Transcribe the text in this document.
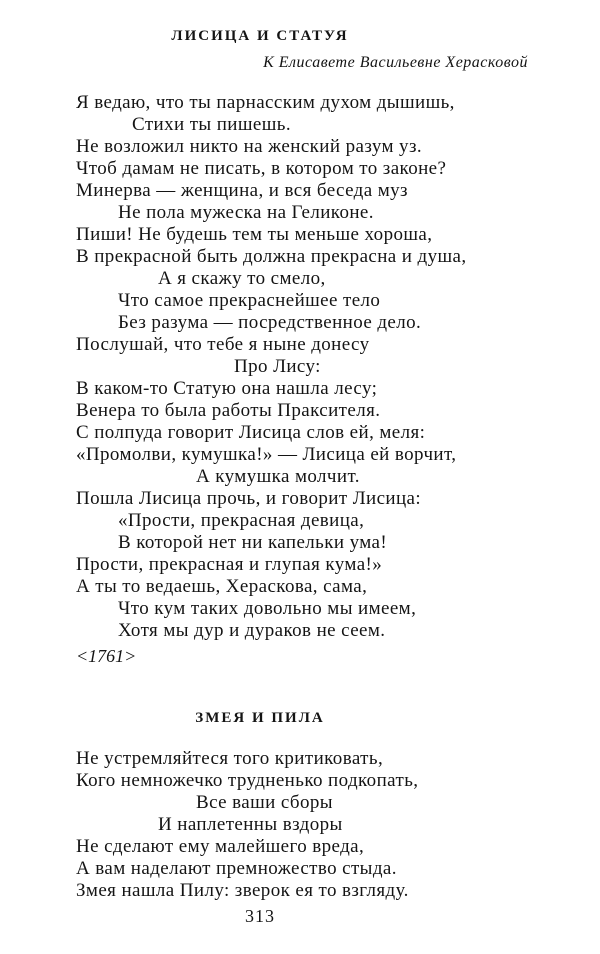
ЛИСИЦА И СТАТУЯ
К Елисавете Васильевне Херасковой
Я ведаю, что ты парнасским духом дышишь,
Стихи ты пишешь.
Не возложил никто на женский разум уз.
Чтоб дамам не писать, в котором то законе?
Минерва — женщина, и вся беседа муз
Не пола мужеска на Геликоне.
Пиши! Не будешь тем ты меньше хороша,
В прекрасной быть должна прекрасна и душа,
А я скажу то смело,
Что самое прекраснейшее тело
Без разума — посредственное дело.
Послушай, что тебе я ныне донесу
Про Лису:
В каком-то Статую она нашла лесу;
Венера то была работы Праксителя.
С полпуда говорит Лисица слов ей, меля:
«Промолви, кумушка!» — Лисица ей ворчит,
А кумушка молчит.
Пошла Лисица прочь, и говорит Лисица:
«Прости, прекрасная девица,
В которой нет ни капельки ума!
Прости, прекрасная и глупая кума!»
А ты то ведаешь, Хераскова, сама,
Что кум таких довольно мы имеем,
Хотя мы дур и дураков не сеем.
<1761>
ЗМЕЯ И ПИЛА
Не устремляйтеся того критиковать,
Кого немножечко трудненько подкопать,
Все ваши сборы
И наплетенны вздоры
Не сделают ему малейшего вреда,
А вам наделают премножество стыда.
Змея нашла Пилу: зверок ея то взгляду.
313
